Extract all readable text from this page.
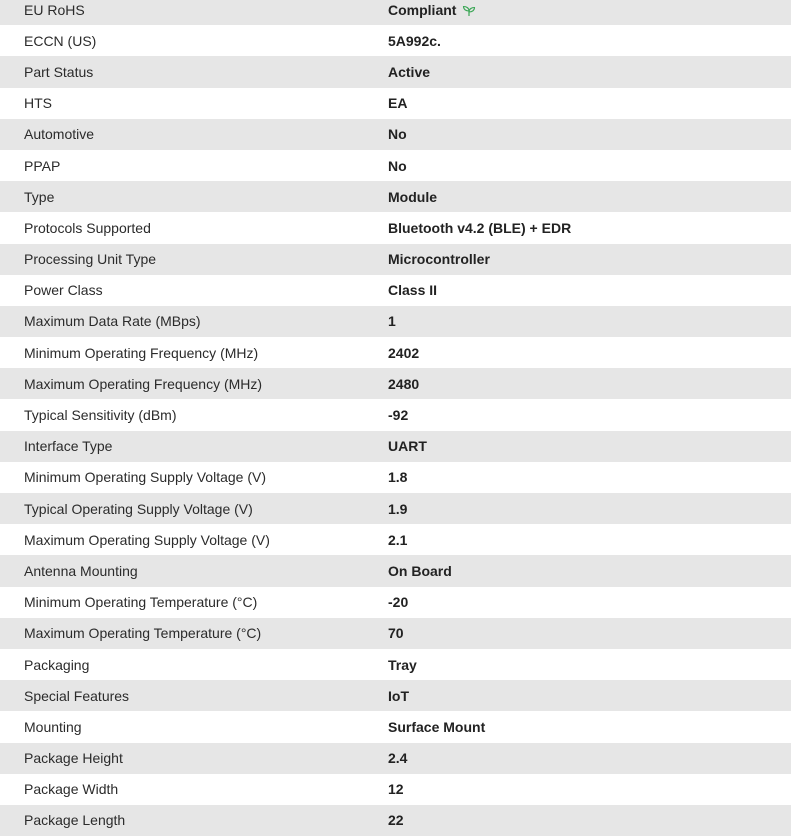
EU RoHS	Compliant
ECCN (US)	5A992c.
Part Status	Active
HTS	EA
Automotive	No
PPAP	No
Type	Module
Protocols Supported	Bluetooth v4.2 (BLE) + EDR
Processing Unit Type	Microcontroller
Power Class	Class II
Maximum Data Rate (MBps)	1
Minimum Operating Frequency (MHz)	2402
Maximum Operating Frequency (MHz)	2480
Typical Sensitivity (dBm)	-92
Interface Type	UART
Minimum Operating Supply Voltage (V)	1.8
Typical Operating Supply Voltage (V)	1.9
Maximum Operating Supply Voltage (V)	2.1
Antenna Mounting	On Board
Minimum Operating Temperature (°C)	-20
Maximum Operating Temperature (°C)	70
Packaging	Tray
Special Features	IoT
Mounting	Surface Mount
Package Height	2.4
Package Width	12
Package Length	22
